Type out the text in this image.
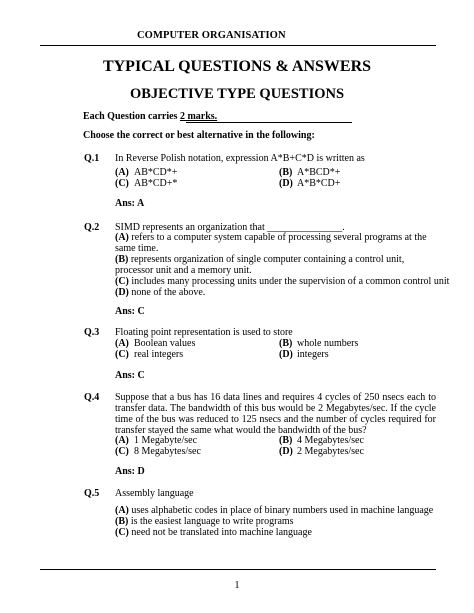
COMPUTER ORGANISATION
TYPICAL QUESTIONS & ANSWERS
OBJECTIVE TYPE QUESTIONS
Each Question carries 2 marks.
Choose the correct or best alternative in the following:
Q.1 In Reverse Polish notation, expression A*B+C*D is written as
(A) AB*CD*+	(B) A*BCD*+
(C) AB*CD+*	(D) A*B*CD+
Ans: A
Q.2 SIMD represents an organization that _______________.
(A) refers to a computer system capable of processing several programs at the same time.
(B) represents organization of single computer containing a control unit, processor unit and a memory unit.
(C) includes many processing units under the supervision of a common control unit
(D) none of the above.
Ans: C
Q.3 Floating point representation is used to store
(A) Boolean values	(B) whole numbers
(C) real integers	(D) integers
Ans: C
Q.4 Suppose that a bus has 16 data lines and requires 4 cycles of 250 nsecs each to transfer data. The bandwidth of this bus would be 2 Megabytes/sec. If the cycle time of the bus was reduced to 125 nsecs and the number of cycles required for transfer stayed the same what would the bandwidth of the bus?
(A) 1 Megabyte/sec	(B) 4 Megabytes/sec
(C) 8 Megabytes/sec	(D) 2 Megabytes/sec
Ans: D
Q.5 Assembly language
(A) uses alphabetic codes in place of binary numbers used in machine language
(B) is the easiest language to write programs
(C) need not be translated into machine language
1
